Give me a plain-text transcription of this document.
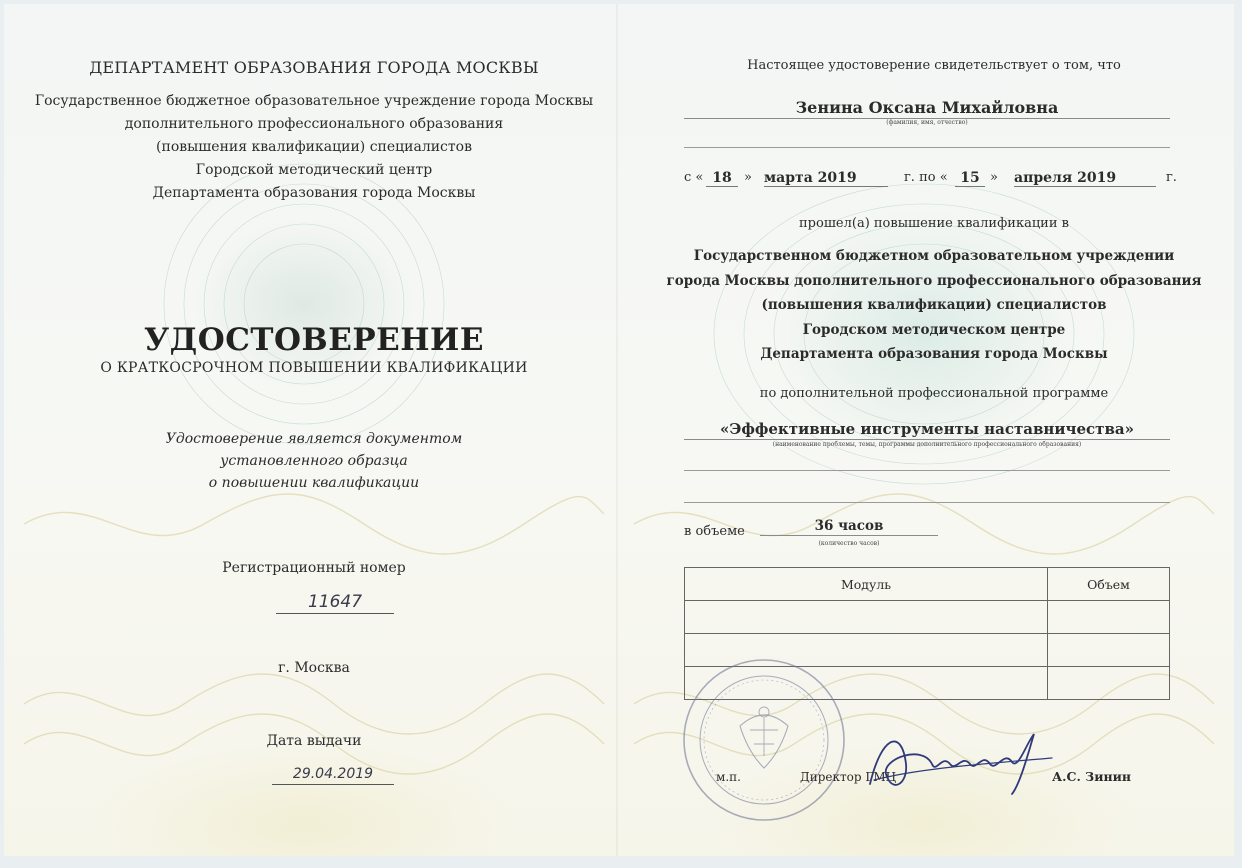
ДЕПАРТАМЕНТ ОБРАЗОВАНИЯ ГОРОДА МОСКВЫ
Государственное бюджетное образовательное учреждение города Москвы
дополнительного профессионального образования
(повышения квалификации) специалистов
Городской методический центр
Департамента образования города Москвы
УДОСТОВЕРЕНИЕ
О КРАТКОСРОЧНОМ ПОВЫШЕНИИ КВАЛИФИКАЦИИ
Удостоверение является документом
установленного образца
о повышении квалификации
Регистрационный номер
11647
г. Москва
Дата выдачи
29.04.2019
Настоящее удостоверение свидетельствует о том, что
Зенина Оксана Михайловна
(фамилия, имя, отчество)
с « 18 » марта 2019	г. по « 15 » апреля 2019	г.
прошел(а) повышение квалификации в
Государственном бюджетном образовательном учреждении
города Москвы дополнительного профессионального образования
(повышения квалификации) специалистов
Городском методическом центре
Департамента образования города Москвы
по дополнительной профессиональной программе
«Эффективные инструменты наставничества»
(наименование проблемы, темы, программы дополнительного профессионального образования)
в объеме	36 часов
(количество часов)
Модуль	Объем

м.п.	Директор ГМЦ	А.С. Зинин
